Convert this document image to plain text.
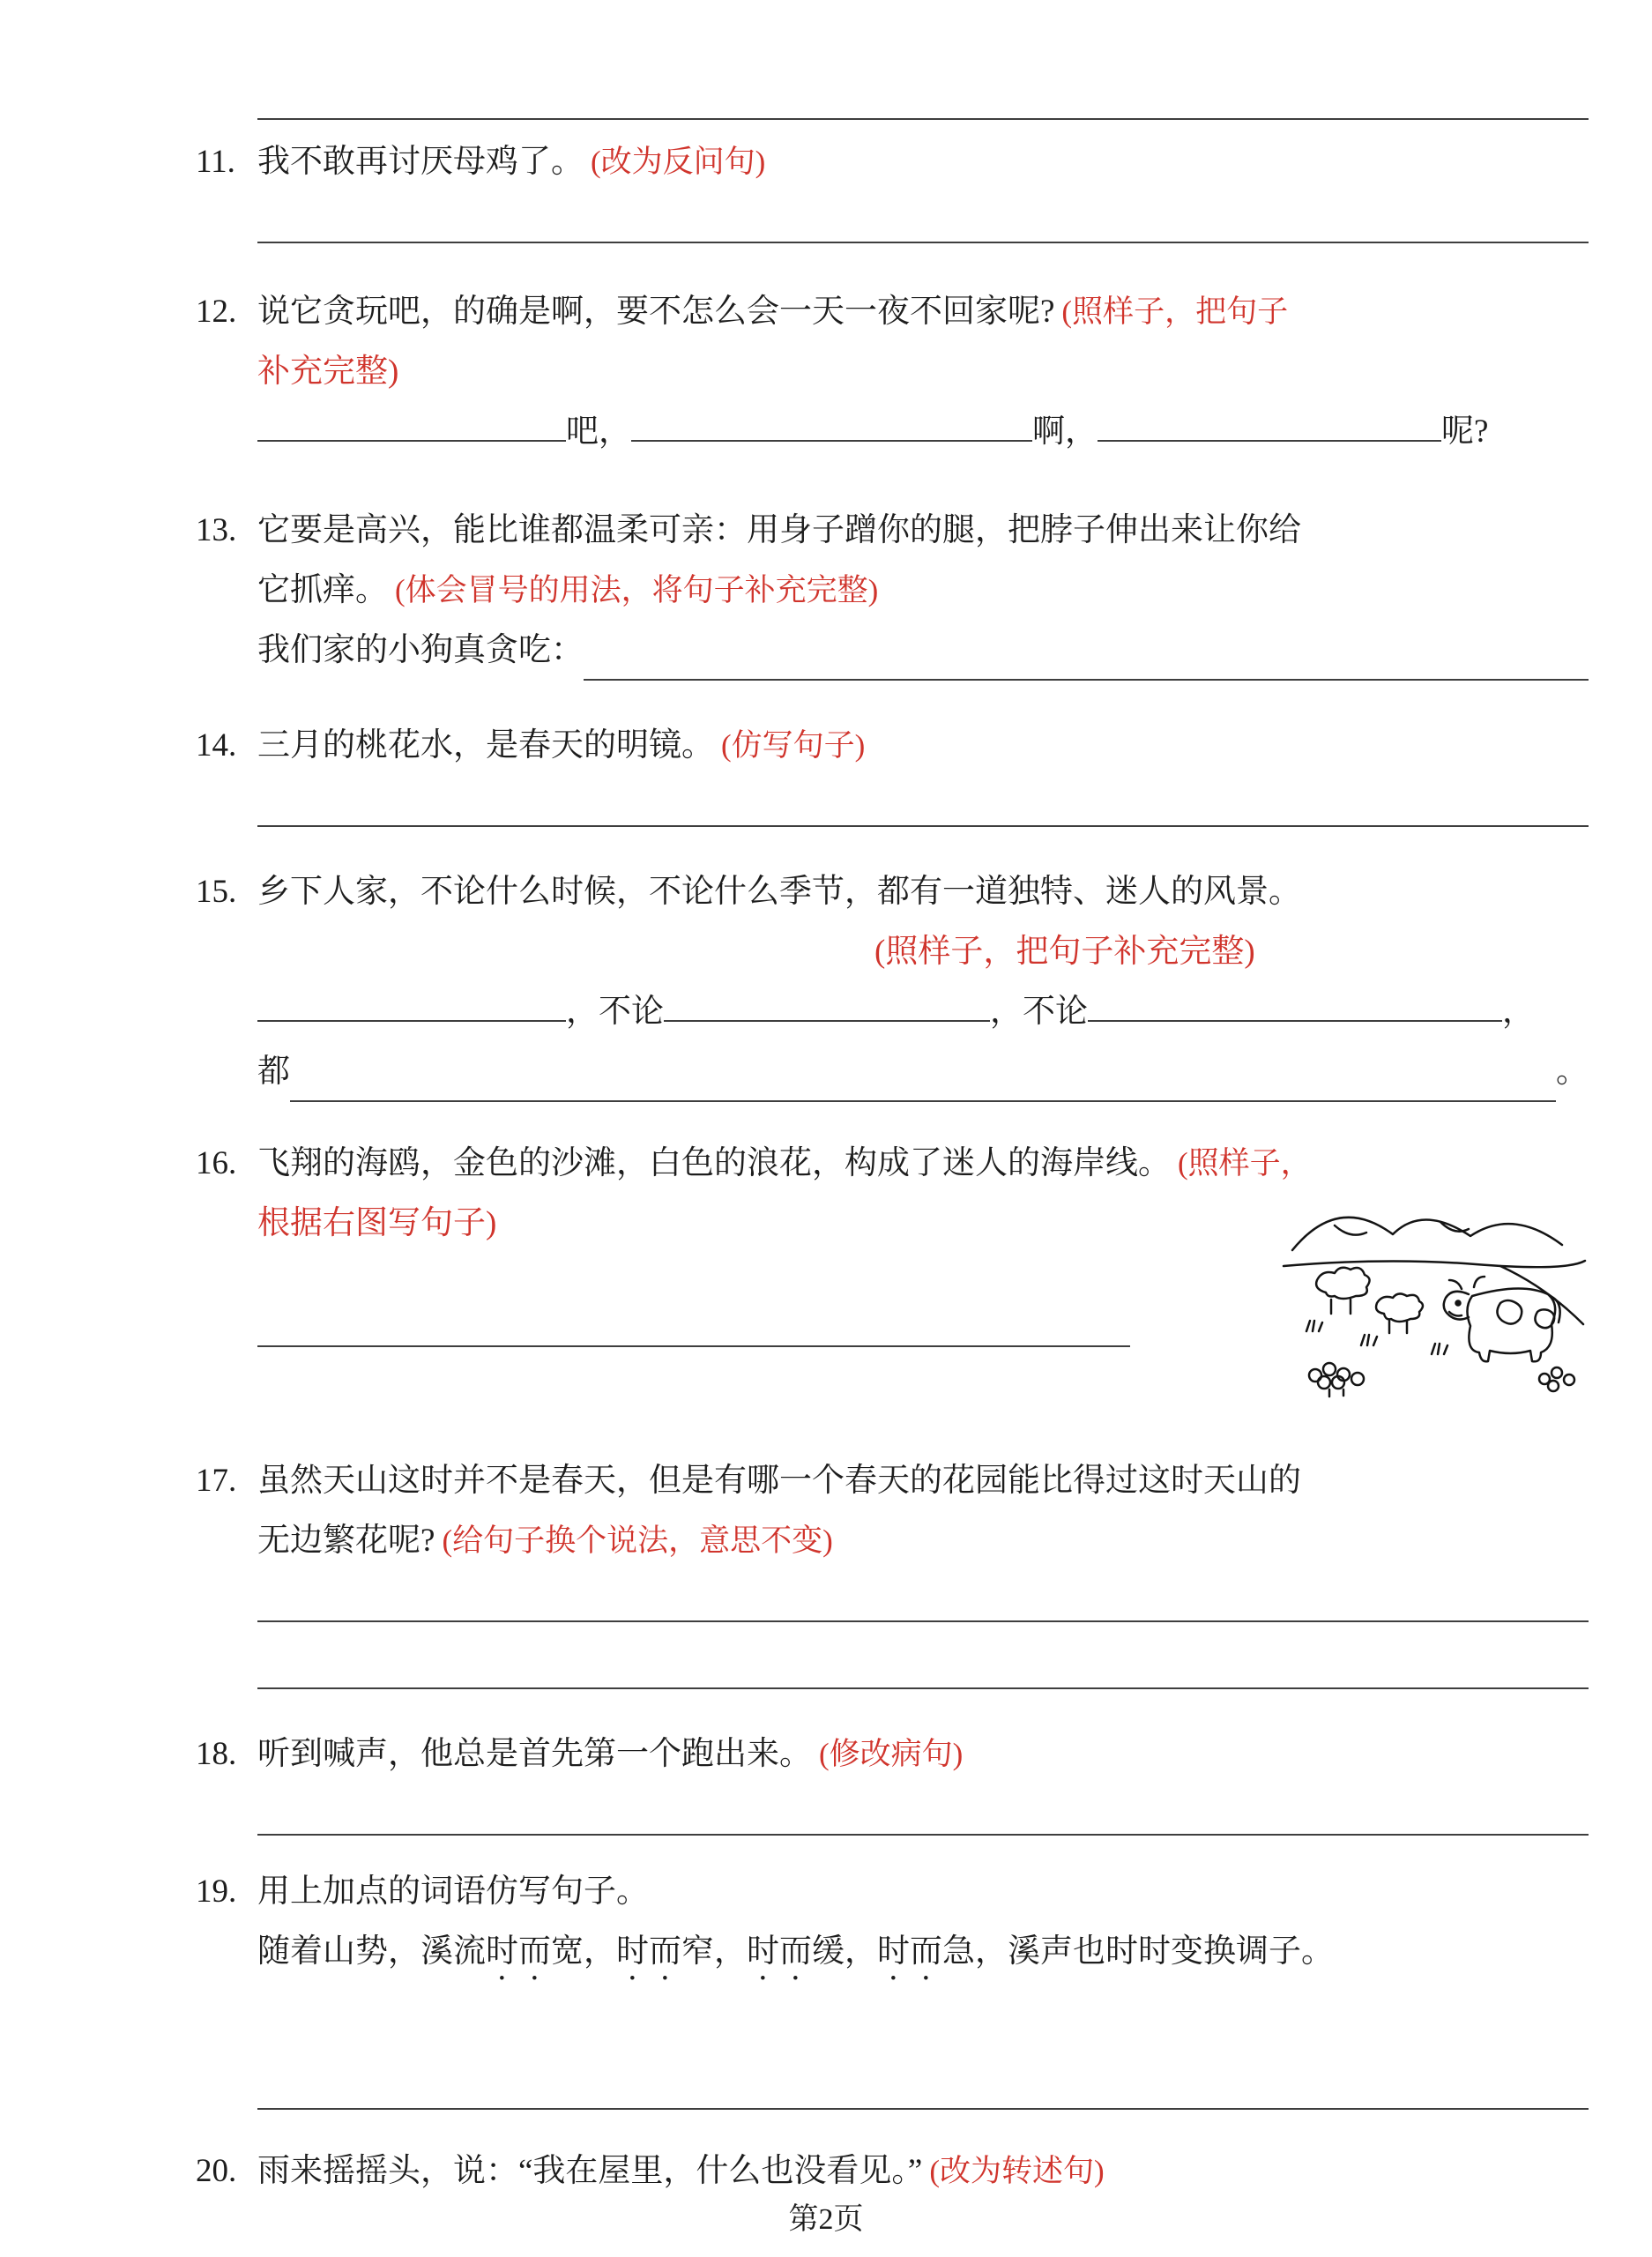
11. 我不敢再讨厌母鸡了。 (改为反问句)

12. 说它贪玩吧，的确是啊，要不怎么会一天一夜不回家呢? (照样子，把句子
补充完整)

吧，	啊，	呢?

13. 它要是高兴，能比谁都温柔可亲：用身子蹭你的腿，把脖子伸出来让你给
它抓痒。 (体会冒号的用法，将句子补充完整)

我们家的小狗真贪吃：
14. 三月的桃花水，是春天的明镜。 (仿写句子)

15. 乡下人家，不论什么时候，不论什么季节，都有一道独特、迷人的风景。

(照样子，把句子补充完整)

，不论	，不论	，

都	。
16. 飞翔的海鸥，金色的沙滩，白色的浪花，构成了迷人的海岸线。 (照样子，
根据右图写句子)

17. 虽然天山这时并不是春天，但是有哪一个春天的花园能比得过这时天山的
无边繁花呢? (给句子换个说法，意思不变)

18. 听到喊声，他总是首先第一个跑出来。 (修改病句)

19. 用上加点的词语仿写句子。

随着山势，溪流时而宽，时而窄，时而缓，时而急，溪声也时时变换调子。

20. 雨来摇摇头，说：“我在屋里，什么也没看见。” (改为转述句)

第2页
